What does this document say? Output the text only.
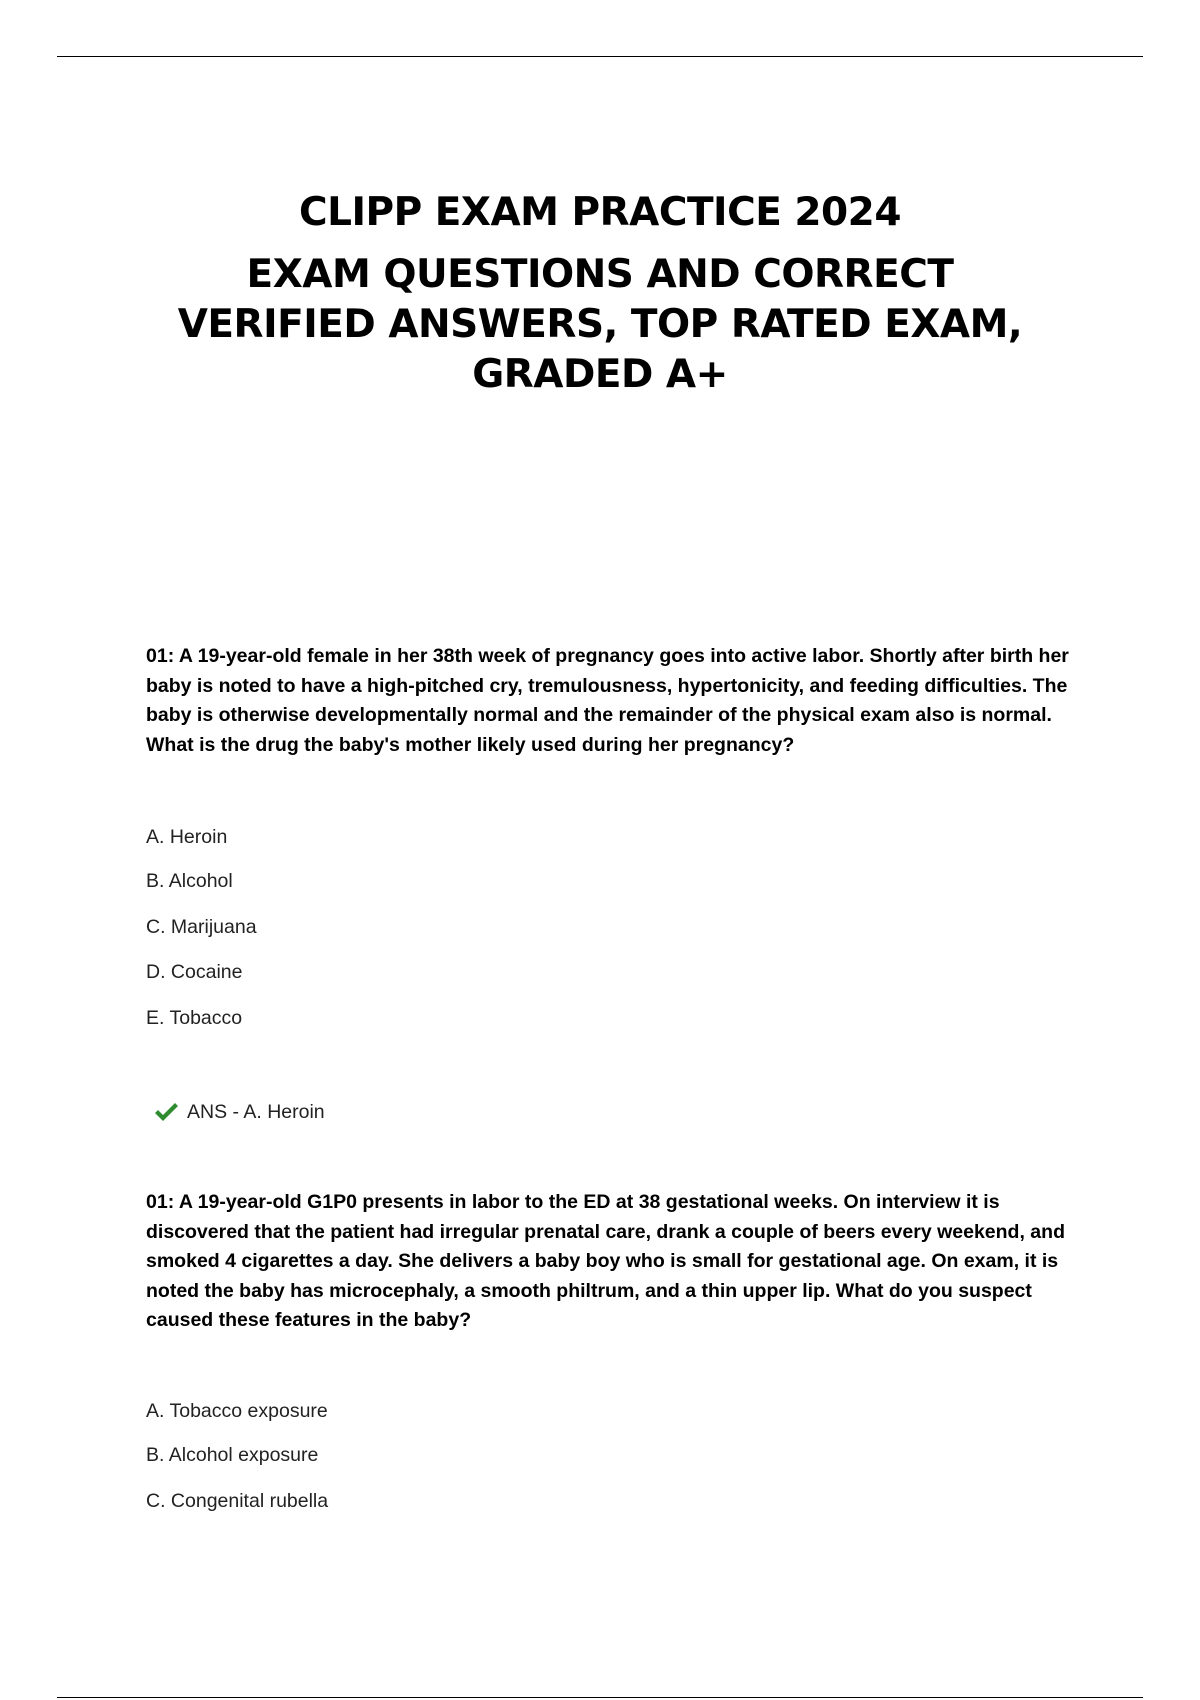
CLIPP EXAM PRACTICE 2024

EXAM QUESTIONS AND CORRECT
VERIFIED ANSWERS, TOP RATED EXAM,
GRADED A+

01: A 19-year-old female in her 38th week of pregnancy goes into active labor. Shortly after birth her baby is noted to have a high-pitched cry, tremulousness, hypertonicity, and feeding difficulties. The baby is otherwise developmentally normal and the remainder of the physical exam also is normal. What is the drug the baby's mother likely used during her pregnancy?

A. Heroin

B. Alcohol

C. Marijuana

D. Cocaine

E. Tobacco

ANS - A. Heroin

01: A 19-year-old G1P0 presents in labor to the ED at 38 gestational weeks. On interview it is discovered that the patient had irregular prenatal care, drank a couple of beers every weekend, and smoked 4 cigarettes a day. She delivers a baby boy who is small for gestational age. On exam, it is noted the baby has microcephaly, a smooth philtrum, and a thin upper lip. What do you suspect caused these features in the baby?

A. Tobacco exposure

B. Alcohol exposure

C. Congenital rubella
